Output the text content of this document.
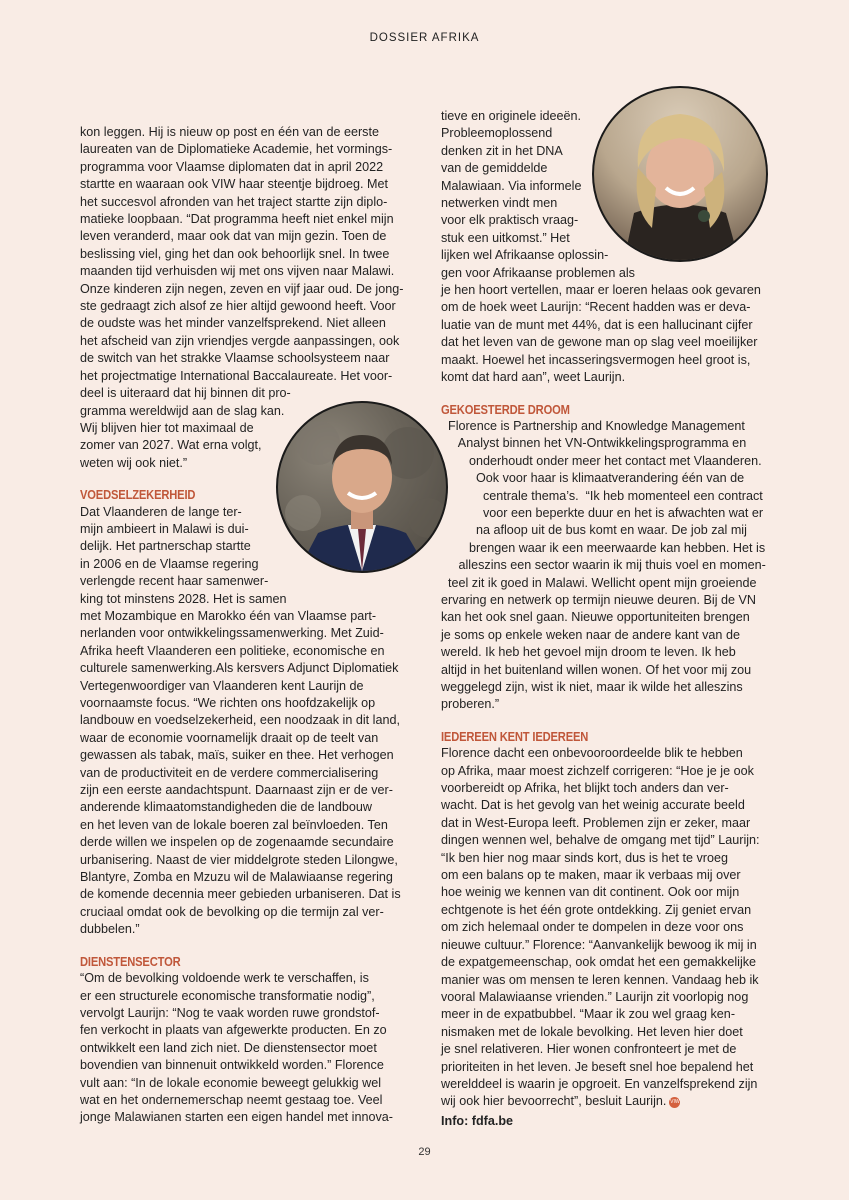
DOSSIER AFRIKA
kon leggen. Hij is nieuw op post en één van de eerste
laureaten van de Diplomatieke Academie, het vormings-
programma voor Vlaamse diplomaten dat in april 2022
startte en waaraan ook VIW haar steentje bijdroeg. Met
het succesvol afronden van het traject startte zijn diplo-
matieke loopbaan. “Dat programma heeft niet enkel mijn
leven veranderd, maar ook dat van mijn gezin. Toen de
beslissing viel, ging het dan ook behoorlijk snel. In twee
maanden tijd verhuisden wij met ons vijven naar Malawi.
Onze kinderen zijn negen, zeven en vijf jaar oud. De jong-
ste gedraagt zich alsof ze hier altijd gewoond heeft. Voor
de oudste was het minder vanzelfsprekend. Niet alleen
het afscheid van zijn vriendjes vergde aanpassingen, ook
de switch van het strakke Vlaamse schoolsysteem naar
het projectmatige International Baccalaureate. Het voor-
deel is uiteraard dat hij binnen dit pro-
gramma wereldwijd aan de slag kan.
Wij blijven hier tot maximaal de
zomer van 2027. Wat erna volgt,
weten wij ook niet.”
VOEDSELZEKERHEID
Dat Vlaanderen de lange ter-
mijn ambieert in Malawi is dui-
delijk. Het partnerschap startte
in 2006 en de Vlaamse regering
verlengde recent haar samenwer-
king tot minstens 2028. Het is samen
met Mozambique en Marokko één van Vlaamse part-
nerlanden voor ontwikkelingssamenwerking. Met Zuid-
Afrika heeft Vlaanderen een politieke, economische en
culturele samenwerking.Als kersvers Adjunct Diplomatiek
Vertegenwoordiger van Vlaanderen kent Laurijn de
voornaamste focus. “We richten ons hoofdzakelijk op
landbouw en voedselzekerheid, een noodzaak in dit land,
waar de economie voornamelijk draait op de teelt van
gewassen als tabak, maïs, suiker en thee. Het verhogen
van de productiviteit en de verdere commercialisering
zijn een eerste aandachtspunt. Daarnaast zijn er de ver-
anderende klimaatomstandigheden die de landbouw
en het leven van de lokale boeren zal beïnvloeden. Ten
derde willen we inspelen op de zogenaamde secundaire
urbanisering. Naast de vier middelgrote steden Lilongwe,
Blantyre, Zomba en Mzuzu wil de Malawiaanse regering
de komende decennia meer gebieden urbaniseren. Dat is
cruciaal omdat ook de bevolking op die termijn zal ver-
dubbelen.”
DIENSTENSECTOR
“Om de bevolking voldoende werk te verschaffen, is
er een structurele economische transformatie nodig”,
vervolgt Laurijn: “Nog te vaak worden ruwe grondstof-
fen verkocht in plaats van afgewerkte producten. En zo
ontwikkelt een land zich niet. De dienstensector moet
bovendien van binnenuit ontwikkeld worden.” Florence
vult aan: “In de lokale economie beweegt gelukkig wel
wat en het ondernemerschap neemt gestaag toe. Veel
jonge Malawianen starten een eigen handel met innova-
tieve en originele ideeën.
Probleemoplossend
denken zit in het DNA
van de gemiddelde
Malawiaan. Via informele
netwerken vindt men
voor elk praktisch vraag-
stuk een uitkomst.” Het
lijken wel Afrikaanse oplossin-
gen voor Afrikaanse problemen als
je hen hoort vertellen, maar er loeren helaas ook gevaren
om de hoek weet Laurijn: “Recent hadden was er deva-
luatie van de munt met 44%, dat is een hallucinant cijfer
dat het leven van de gewone man op slag veel moeilijker
maakt. Hoewel het incasseringsvermogen heel groot is,
komt dat hard aan”, weet Laurijn.
GEKOESTERDE DROOM
Florence is Partnership and Knowledge Management
Analyst binnen het VN-Ontwikkelingsprogramma en
onderhoudt onder meer het contact met Vlaanderen.
Ook voor haar is klimaatverandering één van de
centrale thema’s.  “Ik heb momenteel een contract
voor een beperkte duur en het is afwachten wat er
na afloop uit de bus komt en waar. De job zal mij
brengen waar ik een meerwaarde kan hebben. Het is
alleszins een sector waarin ik mij thuis voel en momen-
teel zit ik goed in Malawi. Wellicht opent mijn groeiende
ervaring en netwerk op termijn nieuwe deuren. Bij de VN
kan het ook snel gaan. Nieuwe opportuniteiten brengen
je soms op enkele weken naar de andere kant van de
wereld. Ik heb het gevoel mijn droom te leven. Ik heb
altijd in het buitenland willen wonen. Of het voor mij zou
weggelegd zijn, wist ik niet, maar ik wilde het alleszins
proberen.”
IEDEREEN KENT IEDEREEN
Florence dacht een onbevooroordeelde blik te hebben
op Afrika, maar moest zichzelf corrigeren: “Hoe je je ook
voorbereidt op Afrika, het blijkt toch anders dan ver-
wacht. Dat is het gevolg van het weinig accurate beeld
dat in West-Europa leeft. Problemen zijn er zeker, maar
dingen wennen wel, behalve de omgang met tijd” Laurijn:
“Ik ben hier nog maar sinds kort, dus is het te vroeg
om een balans op te maken, maar ik verbaas mij over
hoe weinig we kennen van dit continent. Ook oor mijn
echtgenote is het één grote ontdekking. Zij geniet ervan
om zich helemaal onder te dompelen in deze voor ons
nieuwe cultuur.” Florence: “Aanvankelijk bewoog ik mij in
de expatgemeenschap, ook omdat het een gemakkelijke
manier was om mensen te leren kennen. Vandaag heb ik
vooral Malawiaanse vrienden.” Laurijn zit voorlopig nog
meer in de expatbubbel. “Maar ik zou wel graag ken-
nismaken met de lokale bevolking. Het leven hier doet
je snel relativeren. Hier wonen confronteert je met de
prioriteiten in het leven. Je beseft snel hoe bepalend het
werelddeel is waarin je opgroeit. En vanzelfsprekend zijn
wij ook hier bevoorrecht”, besluit Laurijn. VIW
Info: fdfa.be
29
